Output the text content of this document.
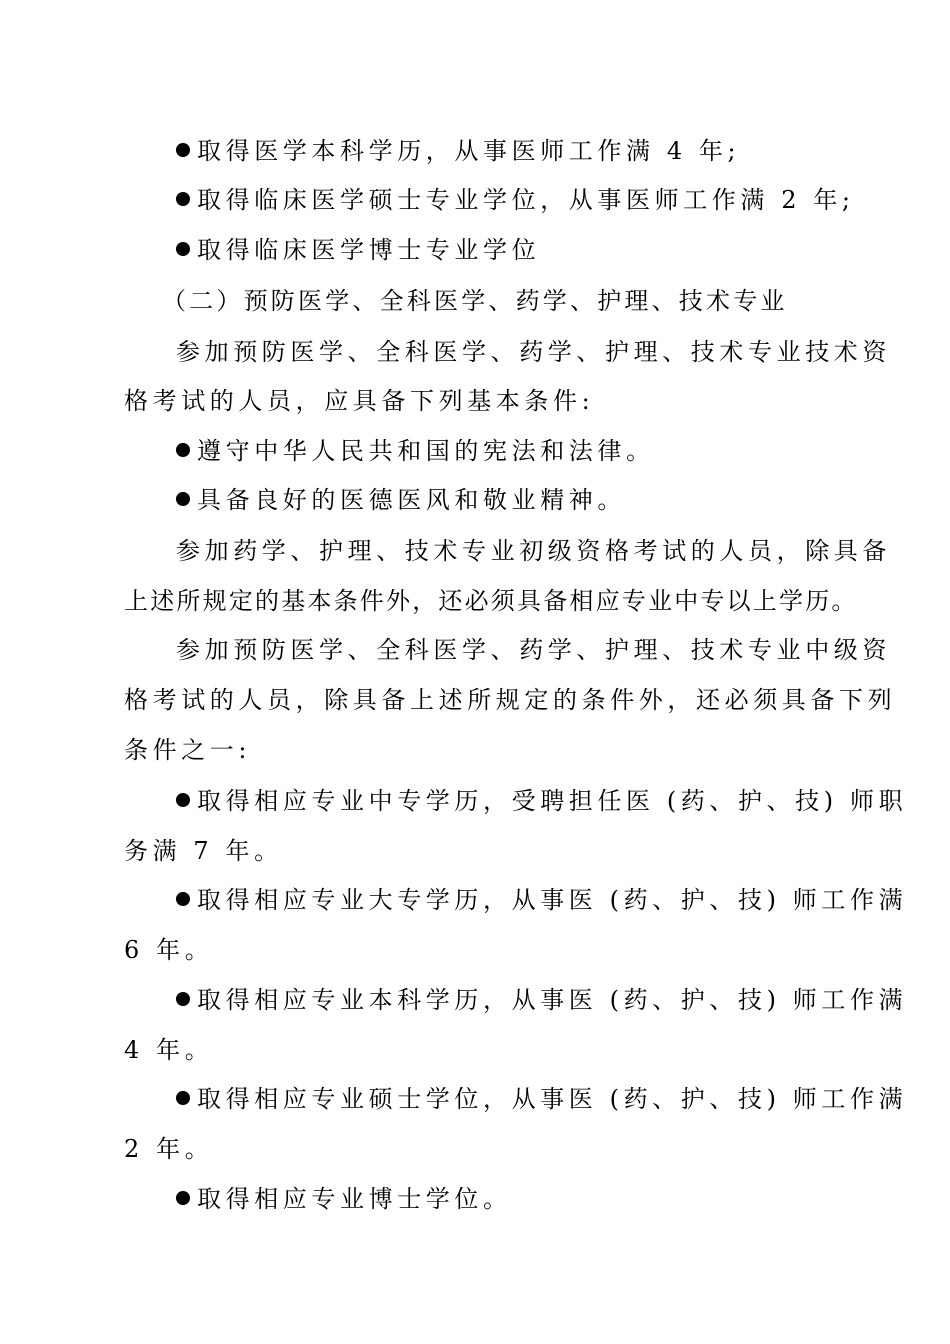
取得医学本科学历，从事医师工作满 4 年;
取得临床医学硕士专业学位，从事医师工作满 2 年;
取得临床医学博士专业学位
（二）预防医学、全科医学、药学、护理、技术专业
参加预防医学、全科医学、药学、护理、技术专业技术资
格考试的人员，应具备下列基本条件:
遵守中华人民共和国的宪法和法律。
具备良好的医德医风和敬业精神。
参加药学、护理、技术专业初级资格考试的人员，除具备
上述所规定的基本条件外，还必须具备相应专业中专以上学历。
参加预防医学、全科医学、药学、护理、技术专业中级资
格考试的人员，除具备上述所规定的条件外，还必须具备下列
条件之一:
取得相应专业中专学历，受聘担任医 (药、护、技) 师职
务满 7 年。
取得相应专业大专学历，从事医 (药、护、技) 师工作满
6 年。
取得相应专业本科学历，从事医 (药、护、技) 师工作满
4 年。
取得相应专业硕士学位，从事医 (药、护、技) 师工作满
2 年。
取得相应专业博士学位。
